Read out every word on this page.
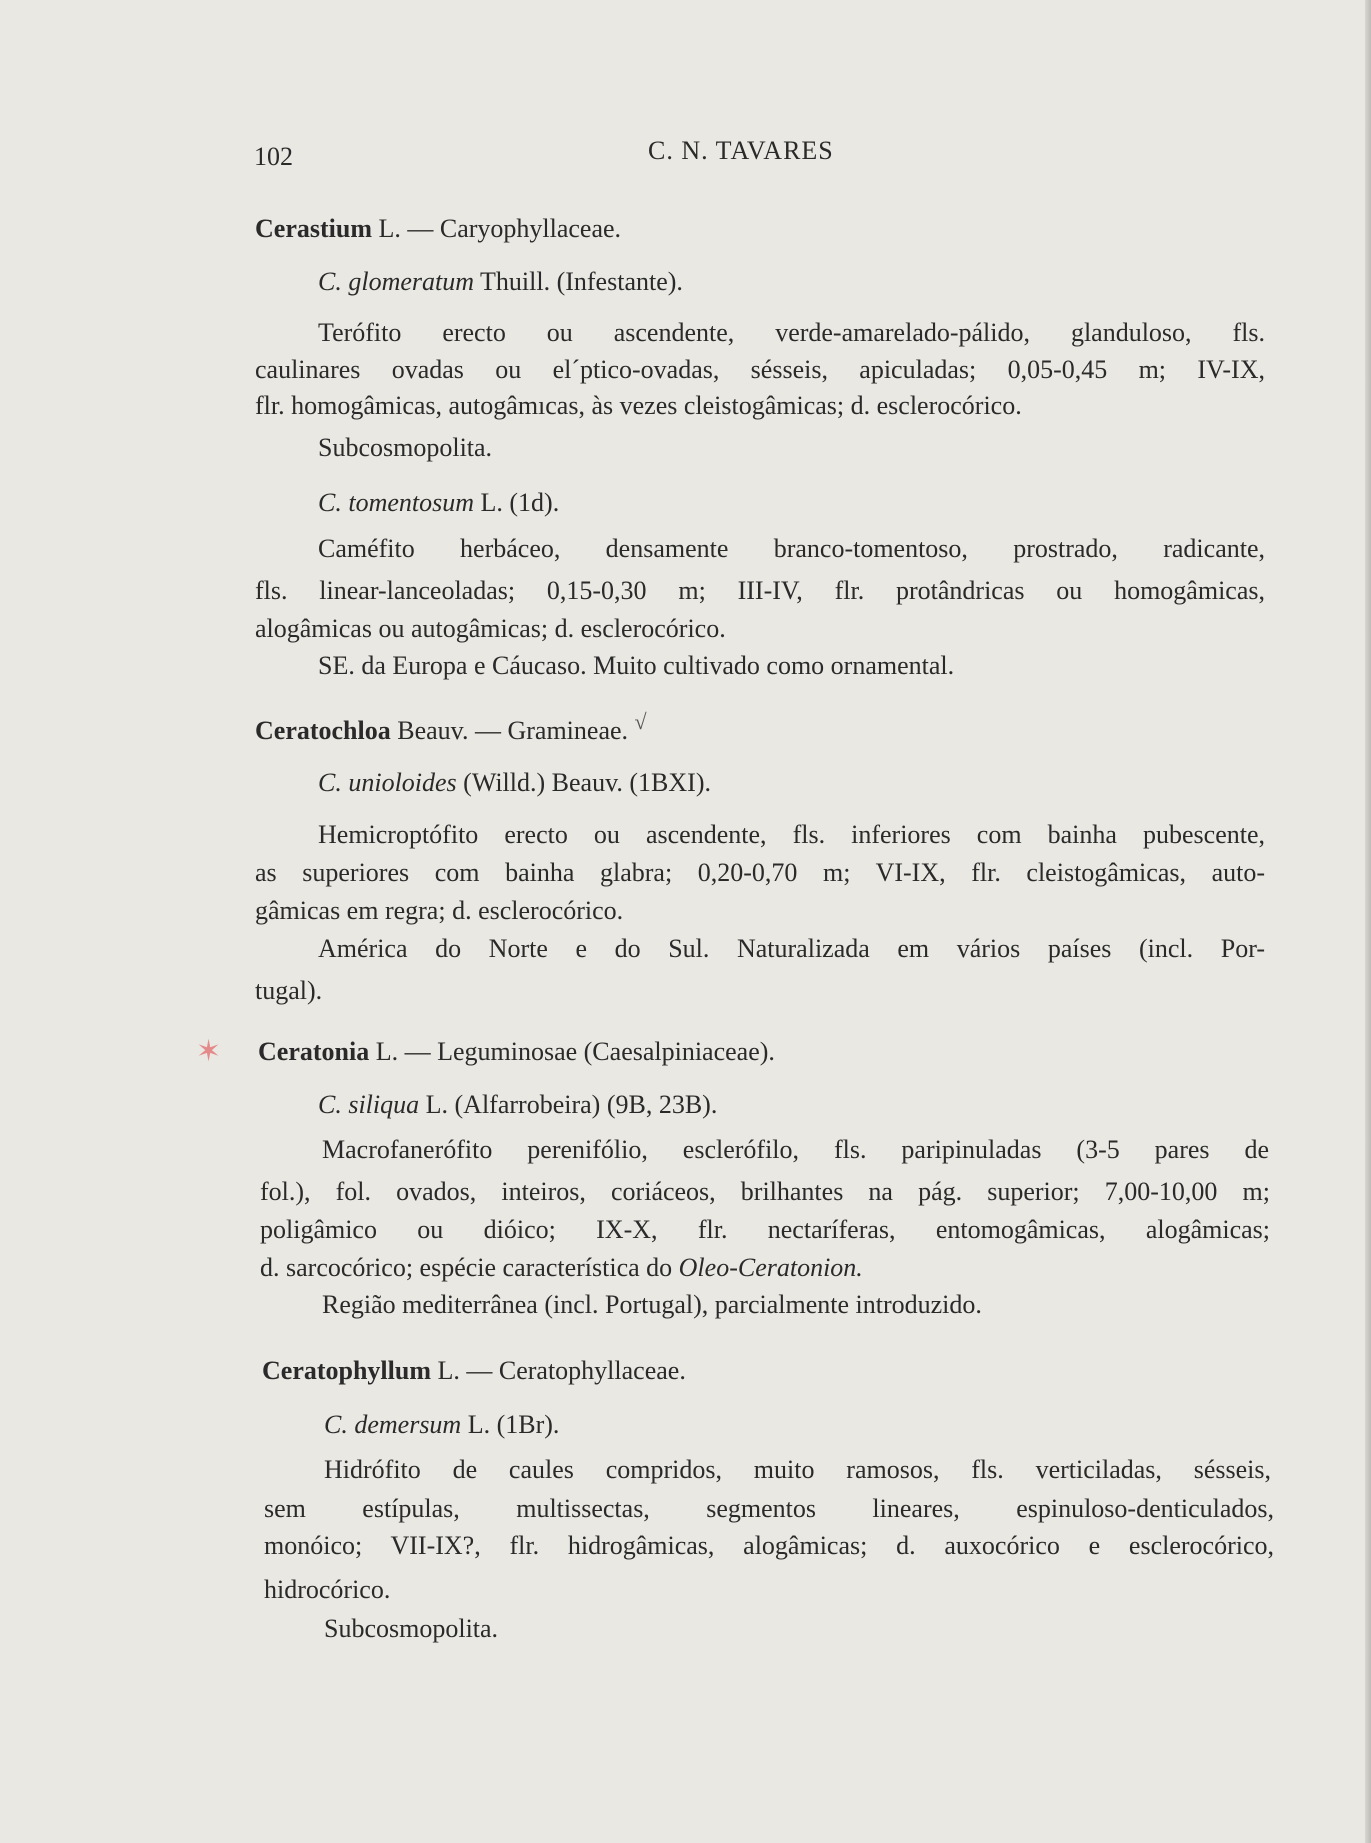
102	C. N. TAVARES
Cerastium L. — Caryophyllaceae.
C. glomeratum Thuill. (Infestante).
Terófito erecto ou ascendente, verde-amarelado-pálido, glanduloso, fls.
caulinares ovadas ou el´ptico-ovadas, sésseis, apiculadas; 0,05-0,45 m; IV-IX,
flr. homogâmicas, autogâmıcas, às vezes cleistogâmicas; d. esclerocórico.
Subcosmopolita.
C. tomentosum L. (1d).
Caméfito herbáceo, densamente branco-tomentoso, prostrado, radicante,
fls. linear-lanceoladas; 0,15-0,30 m; III-IV, flr. protândricas ou homogâmicas,
alogâmicas ou autogâmicas; d. esclerocórico.
SE. da Europa e Cáucaso. Muito cultivado como ornamental.
Ceratochloa Beauv. — Gramineae. √
C. unioloides (Willd.) Beauv. (1BXI).
Hemicroptófito erecto ou ascendente, fls. inferiores com bainha pubescente,
as superiores com bainha glabra; 0,20-0,70 m; VI-IX, flr. cleistogâmicas, auto-
gâmicas em regra; d. esclerocórico.
América do Norte e do Sul. Naturalizada em vários países (incl. Por-
tugal).
✶ Ceratonia L. — Leguminosae (Caesalpiniaceae).
C. siliqua L. (Alfarrobeira) (9B, 23B).
Macrofanerófito perenifólio, esclerófilo, fls. paripinuladas (3-5 pares de
fol.), fol. ovados, inteiros, coriáceos, brilhantes na pág. superior; 7,00-10,00 m;
poligâmico ou dióico; IX-X, flr. nectaríferas, entomogâmicas, alogâmicas;
d. sarcocórico; espécie característica do Oleo-Ceratonion.
Região mediterrânea (incl. Portugal), parcialmente introduzido.
Ceratophyllum L. — Ceratophyllaceae.
C. demersum L. (1Br).
Hidrófito de caules compridos, muito ramosos, fls. verticiladas, sésseis,
sem estípulas, multissectas, segmentos lineares, espinuloso-denticulados,
monóico; VII-IX?, flr. hidrogâmicas, alogâmicas; d. auxocórico e esclerocórico,
hidrocórico.
Subcosmopolita.
